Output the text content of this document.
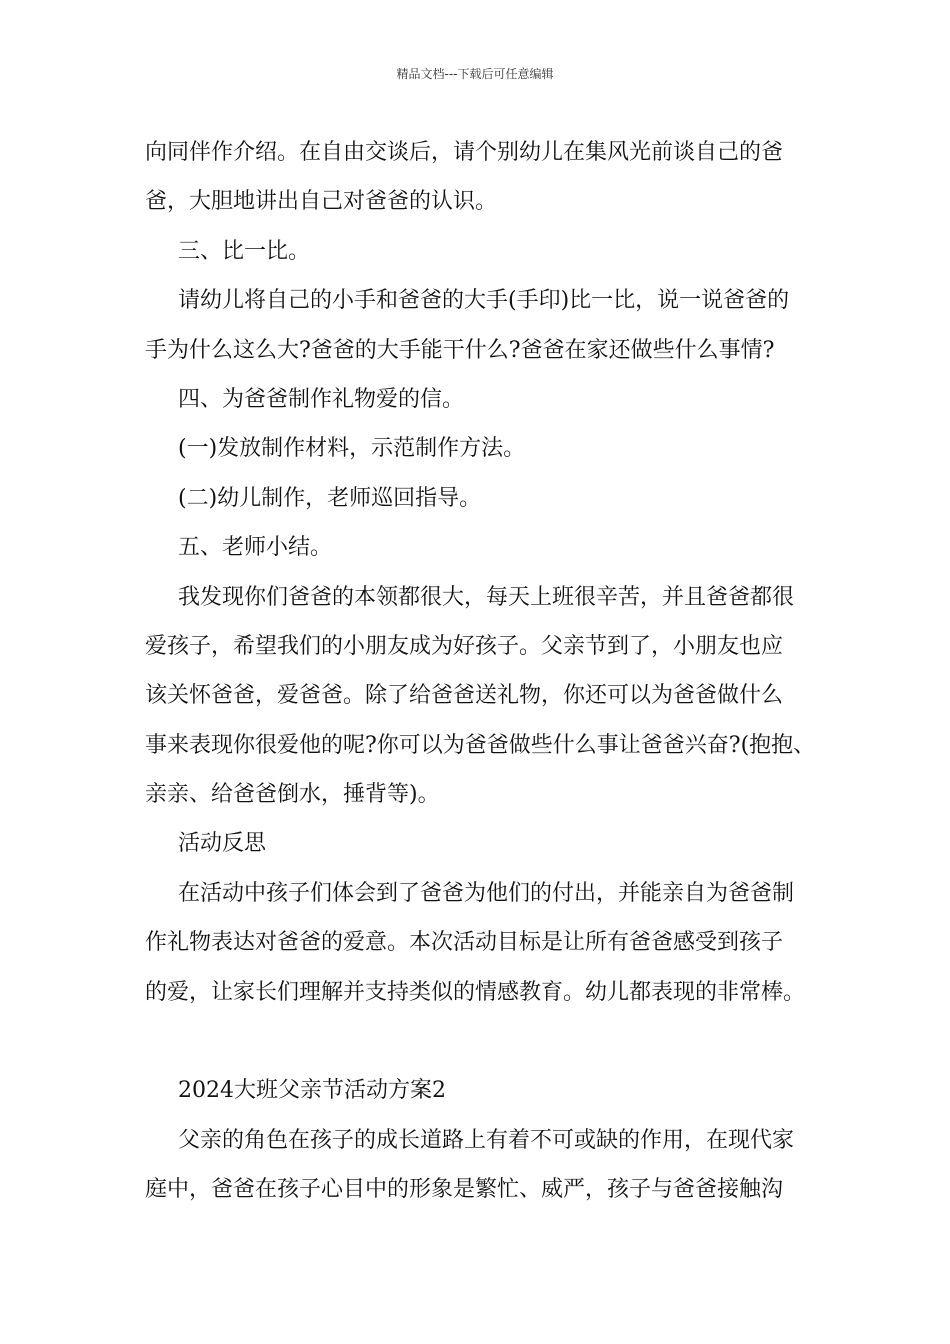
精品文档---下载后可任意编辑
向同伴作介绍。在自由交谈后，请个别幼儿在集风光前谈自己的爸
爸，大胆地讲出自己对爸爸的认识。
三、比一比。
请幼儿将自己的小手和爸爸的大手(手印)比一比，说一说爸爸的
手为什么这么大?爸爸的大手能干什么?爸爸在家还做些什么事情?
四、为爸爸制作礼物爱的信。
(一)发放制作材料，示范制作方法。
(二)幼儿制作，老师巡回指导。
五、老师小结。
我发现你们爸爸的本领都很大，每天上班很辛苦，并且爸爸都很
爱孩子，希望我们的小朋友成为好孩子。父亲节到了，小朋友也应
该关怀爸爸，爱爸爸。除了给爸爸送礼物，你还可以为爸爸做什么
事来表现你很爱他的呢?你可以为爸爸做些什么事让爸爸兴奋?(抱抱、
亲亲、给爸爸倒水，捶背等)。
活动反思
在活动中孩子们体会到了爸爸为他们的付出，并能亲自为爸爸制
作礼物表达对爸爸的爱意。本次活动目标是让所有爸爸感受到孩子
的爱，让家长们理解并支持类似的情感教育。幼儿都表现的非常棒。
2024大班父亲节活动方案2
父亲的角色在孩子的成长道路上有着不可或缺的作用，在现代家
庭中，爸爸在孩子心目中的形象是繁忙、威严，孩子与爸爸接触沟
